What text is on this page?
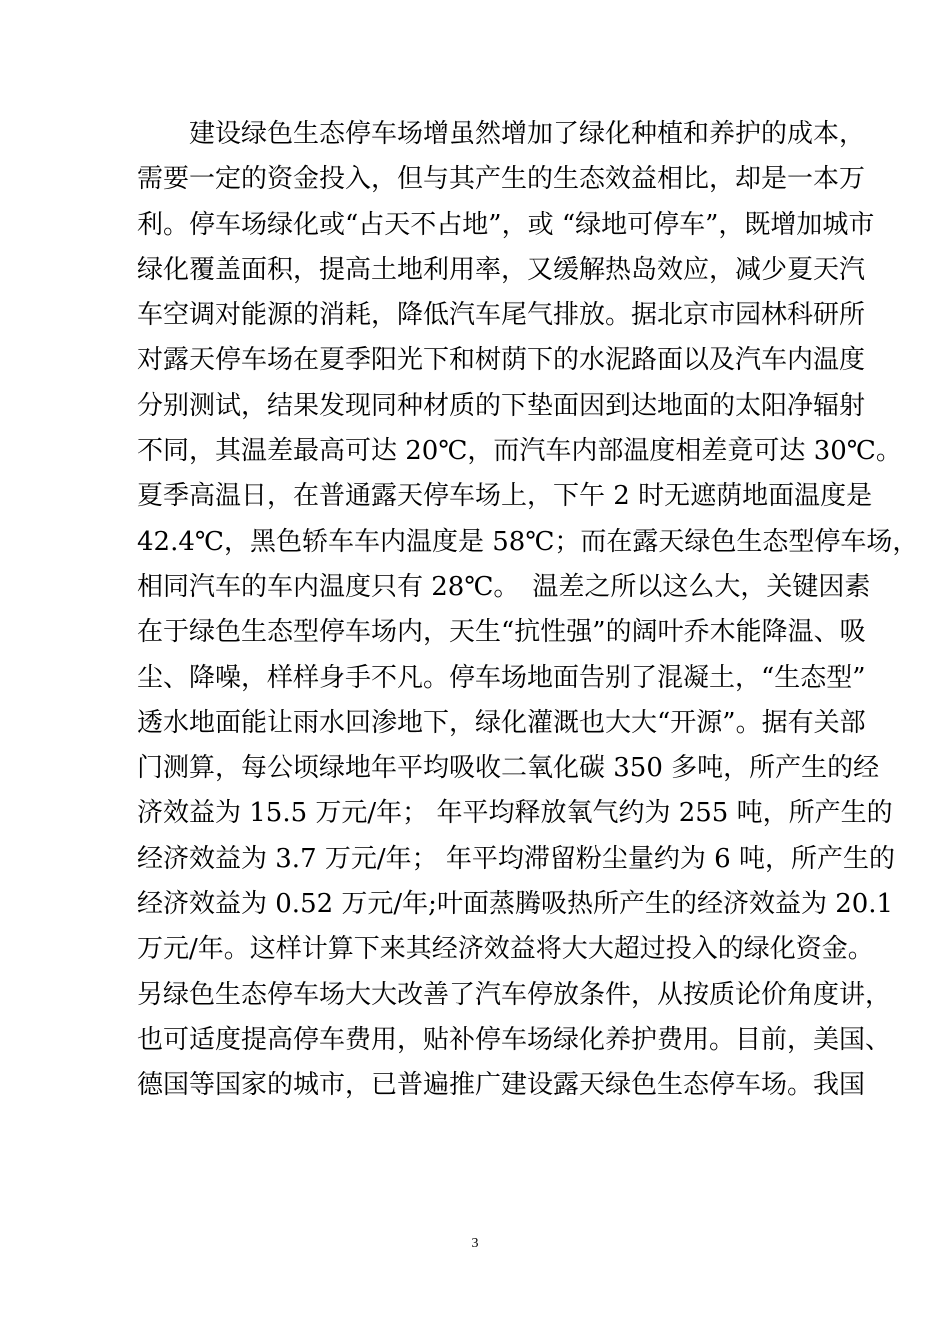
建设绿色生态停车场增虽然增加了绿化种植和养护的成本，
需要一定的资金投入，但与其产生的生态效益相比，却是一本万
利。停车场绿化或“占天不占地”，或 “绿地可停车”，既增加城市
绿化覆盖面积，提高土地利用率，又缓解热岛效应，减少夏天汽
车空调对能源的消耗，降低汽车尾气排放。据北京市园林科研所
对露天停车场在夏季阳光下和树荫下的水泥路面以及汽车内温度
分别测试，结果发现同种材质的下垫面因到达地面的太阳净辐射
不同，其温差最高可达 20℃，而汽车内部温度相差竟可达 30℃。
夏季高温日，在普通露天停车场上，下午 2 时无遮荫地面温度是
42.4℃，黑色轿车车内温度是 58℃；而在露天绿色生态型停车场，
相同汽车的车内温度只有 28℃。　温差之所以这么大，关键因素
在于绿色生态型停车场内，天生“抗性强”的阔叶乔木能降温、吸
尘、降噪，样样身手不凡。停车场地面告别了混凝土，“生态型”
透水地面能让雨水回渗地下，绿化灌溉也大大“开源”。据有关部
门测算，每公顷绿地年平均吸收二氧化碳 350 多吨，所产生的经
济效益为 15.5 万元/年； 年平均释放氧气约为 255 吨，所产生的
经济效益为 3.7 万元/年； 年平均滞留粉尘量约为 6 吨，所产生的
经济效益为 0.52 万元/年;叶面蒸腾吸热所产生的经济效益为 20.1
万元/年。这样计算下来其经济效益将大大超过投入的绿化资金。
另绿色生态停车场大大改善了汽车停放条件，从按质论价角度讲，
也可适度提高停车费用，贴补停车场绿化养护费用。目前，美国、
德国等国家的城市，已普遍推广建设露天绿色生态停车场。我国
3
